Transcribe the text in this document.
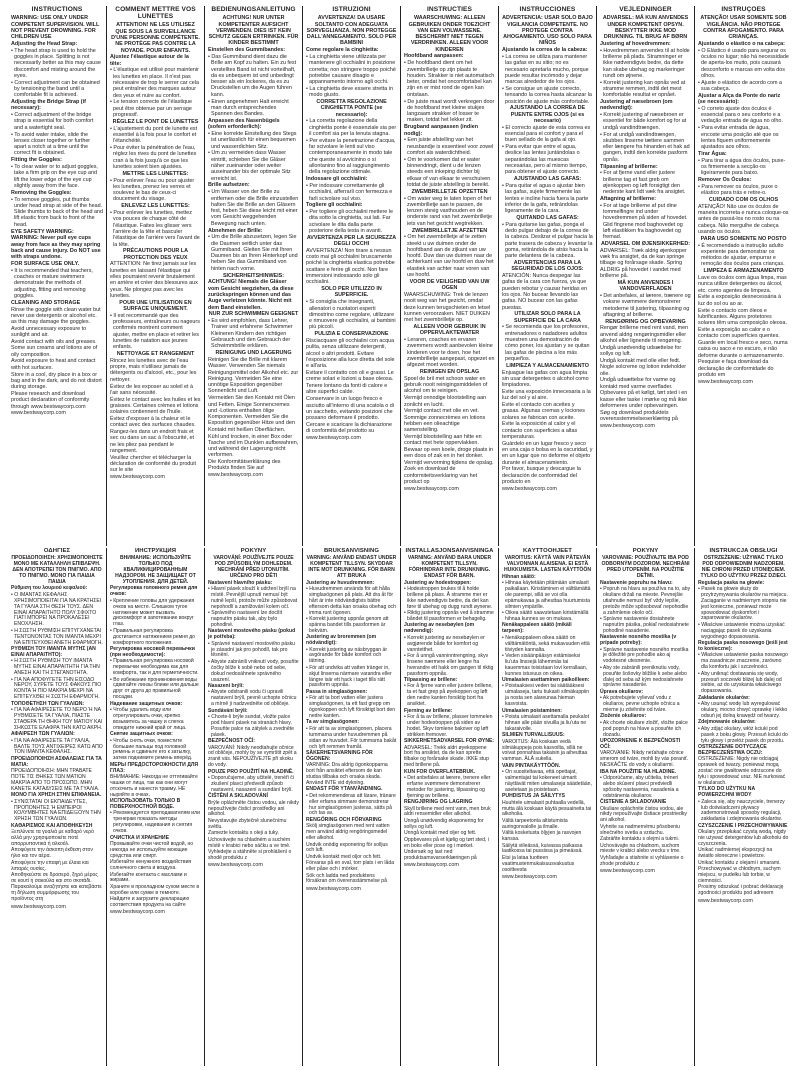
INSTRUCTIONS
WARNING: USE ONLY UNDER COMPETENT SUPERVISION. WILL NOT PREVENT DROWNING. FOR CHILDREN USE
Adjusting the Head Strap:
• The head strap is used to hold the goggles in place. Splitting is not necessarily better as this may cause discomfort and misting around the eyes.
• Correct adjustment can be obtained by tensioning the band until a comfortable fit is achieved.
Adjusting the Bridge Strap (if necessary):
• Correct adjustment of the bridge strap is essential for both comfort and a watertight seal.
• To avoid water intake, slide the lenses closer together or further apart a notch at a time until the correct fit is obtained.
Fitting the Goggles:
• To clear water or to adjust goggles, take a firm grip on the eye cup and lift the lower edge of the eye cup slightly away from the face.
Removing the Goggles:
• To remove goggles, put thumbs under head strap at side of the head. Slide thumbs to back of the head and lift elastic from back to front of the head.
EYE SAFETY WARNING:
WARNING: Never pull eye cups away from face as they may spring back and cause injury. Do NOT use with straps undone.
FOR SURFACE USE ONLY.
• It is recommended that teachers, coaches or mature swimmers demonstrate the methods of adjusting, fitting and removing goggles.
CLEANING AND STORAGE
Rinse the goggle with clean water but never use detergents or alcohol etc. as this may damage the goggles.
Avoid unnecessary exposure to sunlight and air.
Avoid contact with oils and greases. Some sun creams and lotions are of oily composition.
Avoid exposure to heat and contact with hot surfaces.
Store in a cool, dry place in a box or bag and in the dark, and do not distort during storage.
Please research and download product declaration of conformity through www.bestwaycorp.com
www.bestwaycorp.com
COMMENT METTRE VOS LUNETTES
ATTENTION! NE LES UTILISEZ QUE SOUS LA SURVEILLANCE D'UNE PERSONNE COMPÉTENTE. NE PROTÈGE PAS CONTRE LA NOYADE. POUR ENFANTS.
Ajustez l'élastique autour de la tête:
• L'élastique est utilisé pour maintenir les lunettes en place. Il n'est pas nécessaire de trop le serrer car cela peut entraîner des marques autour des yeux et nuire au confort.
• Le tension correcte de l'élastique peut être obtenue par un serrage progressif.
RÉGLEZ LE PONT DE LUNETTES
• L'ajustement du pont de lunette est essentiel à la fois pour le confort et l'étanchéité.
• Pour éviter la pénétration de l'eau, réglez les rives du pont de lunettes cran à la fois jusqu'à ce que les lunettes soient bien ajustées.
METTRE LES LUNETTES:
• Pour enlever l'eau ou pour ajuster les lunettes, prenez les verres et soulevez le bas de ceux-ci doucement du visage.
ENLEVEZ LES LUNETTES:
• Pour enlever les lunettes, mettez vos pouces de chaque côté de l'élastique. Faites les glisser vers l'arrière de la tête et basculer l'élastique de l'arrière vers l'avant de la tête.
PRÉCAUTIONS POUR LA PROTECTION DES YEUX
ATTENTION: Ne tirez jamais sur les lunettes en laissant l'élastique qui elles pourraient revenir brutalement en arrière et créer des blessures aux yeux. Ne plongez pas avec les lunettes.
POUR UNE UTILISATION EN SURFACE UNIQUEMENT.
• Il est recommandé que des professeurs, entraîneurs ou nageurs confirmés montrent comment ajuster, mettre en place et retirer les lunettes de natation aux jeunes enfants.
NETTOYAGE ET RANGEMENT
Rincez les lunettes avec de l'eau propre, mais n'utilisez jamais de détergents ou d'alcool, etc., pour les nettoyer.
Évitez de les exposer au soleil et à l'air sans nécessité.
Évitez le contact avec les huiles et les graisses. Certaines crèmes et lotions solaires contiennent de l'huile.
Évitez d'exposer à la chaleur et le contact avec des surfaces chaudes.
Rangez-les dans un endroit frais et sec ou dans un sac à l'obscurité, et ne les pliez pas pendant le rangement.
Veuillez chercher et télécharger la déclaration de conformité du produit sur le site
www.bestwaycorp.com
BEDIENUNGSANLEITUNG
ACHTUNG! NUR UNTER KOMPETENTER AUFSICHT VERWENDEN. DIES IST KEIN SCHUTZ GEGEN ERTRINKEN. FÜR KINDER BESTIMMT
Einstellen des Gummibandes:
• Das Gummiband dient dazu die Brille am Kopf zu halten. Ein zu fest verstelltes Band ist nicht vorteilhaft, da es unbequem ist und unbedingt besser als ein lockeres, da es zu Druckstellen um die Augen führen kann.
• Einen angenehmen Halt erreicht man durch entsprechendes Spannen des Bandes.
Anpassen des Nasenbügels (sofern erforderlich):
• Eine korrekte Einstellung des Stegs ist unerlässlich für einen bequemen und wasserdichten Sitz.
• Um zu vermeiden dass Wasser eintritt, schieben Sie die Gläser näher zueinander oder weiter auseinander bis der optimale Sitz erreicht ist.
Brille aufsetzen:
• Um Wasser von der Brille zu entfernen oder die Brille einzustellen halten Sie die Brille an den Gläsern fest, heben Sie diese leicht mit einer vom Gesicht weggehenden Bewegung nach unten.
Abnehmen der Brille:
• Um die Brille abzusetzen, legen Sie die Daumen seitlich unter das Gummiband. Gleiten Sie mit Ihren Daumen bis an Ihren Hinterkopf und heben Sie das Gummiband von hinten nach vorne.
SICHERHEITSHINWEIS:
ACHTUNG! Niemals die Gläser vom Gesicht wegziehen, da diese zurückspringen können und das Auge verletzen könnte. Nicht mit dem Band einstellen.
NUR ZUR SCHWIMMEN GEEIGNET
• Es wird empfohlen, dass Lehrer, Trainer und erfahrene Schwimmer Kleineren Kindern den richtigen Gebrauch und den Gebrauch der Schwimmbrille erklären.
REINIGUNG UND LAGERUNG
Reinigen Sie die Brille mit klarem Wasser. Verwenden Sie niemals Reinigungsmittel oder Alkohol etc. zur Reinigung. Vermeiden Sie eine unnötige Exposition gegenüber Sonnenlicht und Luft.
Vermeiden Sie den Kontakt mit Ölen und Fetten. Einige Sonnencremes und -Lotions enthalten ölige Komponenten. Vermeiden Sie die Exposition gegenüber Hitze und den Kontakt mit heißen Oberflächen.
Kühl und trocken, in einer Box oder Tasche und im Dunklen aufbewahren, und während der Lagerung nicht verformen.
Die Konformitätserklärung des Produkts finden Sie auf
www.bestwaycorp.com
ISTRUZIONI
AVVERTENZA! DA USARE SOLTANTO CON ADEGUATA SORVEGLIANZA. NON PROTEGGE DALL'ANNEGAMENTO. SOLO PER BAMBINI
Come regolare la cinghietta:
• La cinghietta viene utilizzata per mantenere gli occhialini in posizione corretta; non stringere troppo poiché potrebbe causare disagio e appannamento intorno agli occhi.
• La cinghietta deve essere stretta in modo giusto.
CORRETTA REGOLAZIONE CINGHIETTA PONTE (se necessario):
• La corretta regolazione della cinghietta ponte è essenziale sia per il comfort sia per la tenuta stagna.
• Per evitare la penetrazione d'acqua, far scivolare le lenti sul viso contemporaneamente in modo tale che queste si avvicinino o si allontanino fino al raggiungimento della regolazione ottimale.
Indossare gli occhialini:
• Per indossare correttamente gli occhialini, afferrarli con fermezza e farli scivolare sul viso.
Togliere gli occhialini:
• Per togliere gli occhialini mettere le dita sotto la cinghietta, sui lati. Far scivolare le dita dalla parte posteriore della testa in avanti.
AVVERTENZA PER LA SICUREZZA DEGLI OCCHI
AVVERTENZA! Non tirare a nessun costo mai gli occhialini bruscamente poiché la cinghietta elastica potrebbe scattare e ferire gli occhi. Non fare immersioni indossando solo gli occhialini.
SOLO PER UTILIZZO IN SUPERFICIE.
• Si consiglia che insegnanti, allenatori o nuotatori esperti dimostrino come regolare, utilizzare e rimuovere gli occhialini, ai bambini più piccoli.
PULIZIA E CONSERVAZIONE
Risciacquare gli occhialini con acqua pulita, senza utilizzare detergenti, alcool o altri prodotti. Evitare l'esposizione alla luce diretta del sole e all'aria.
Evitare il contatto con oli e grassi. Le creme solari e lozioni a base oleosa.
Tenere lontano da fonti di calore e altre superfici calde.
Conservare in un luogo fresco e asciutto all'interno di una scatola o di un sacchetto, evitando posizioni che possano deformare il prodotto.
Cercare e scaricare la dichiarazione di conformità del prodotto su
www.bestwaycorp.com
INSTRUCTIES
WAARSCHUWING: ALLEEN GEBRUIKEN ONDER TOEZICHT VAN EEN VOLWASSENE. BESCHERMT NIET TEGEN VERDRINKEN. ALLEEN VOOR KINDEREN
Hoofdband aanpassen:
• De hoofdband dient om het zwembrilletje op zijn plaats te houden. Strakker is niet automatisch beter, omdat het oncomfortabel kan zijn en er mist rond de ogen kan ontstaan.
• De juiste maat wordt verkregen door de hoofdband met kleine stukjes langzaam strakker of losser te maken, totdat het lekker zit.
Brugband aanpassen (indien nodig):
• Een juiste afstelling van het neusbandje is essentieel voor zowel comfort als waterdichtheid.
• Om te voorkomen dat er water binnendringt, dient u de lenzen steeds een inkeping dichter bij elkaar of van elkaar te verschuiven totdat de juiste afstelling is bereikt.
ZWEMBRILLETJE OPZETTEN
• Om water weg te laten lopen of het zwembrilletje aan te passen, de lenzen stevig vasthouden en de onderste rand van het zwembrilletje iets van het gezicht wegtrekken.
ZWEMBRILLETJE AFZETTEN
• Om het zwembrilletje af te zetten steekt u uw duimen onder de hoofdband aan de zijkant van uw hoofd. Duw dan uw duimen naar de achterkant van uw hoofd en duw het elastiek van achter naar voren van uw hoofd.
VOOR DE VEILIGHEID VAN UW OGEN
WAARSCHUWING: Trek de lenzen nooit weg van het gezicht, omdat deze kunnen terugschieten en letsel kunnen veroorzaken. NIET DUIKEN met het zwembrilletje op.
ALLEEN VOOR GEBRUIK IN OPPERVLAKTEWATER
• Leraren, coaches en ervaren zwemmers wordt aanbevolen kleine kinderen voor te doen, hoe het zwembrilletje aangepast, opgezet en afgezet moet worden.
REINIGEN EN OPSLAG
Spoel de bril met schoon water en gebruik nooit reinigingsmiddelen of alcohol om te reinigen.
Vermijd onnodige blootstelling aan zonlicht en lucht.
Vermijd contact met olie en vet. Sommige zonnecrèmes en lotions hebben een olieachtige samenstelling.
Vermijd blootstelling aan hitte en contact met hete oppervlakken.
Bewaar op een koele, droge plaats in een doos of zak en in het donker. Vermijd vervorming tijdens de opslag.
Zoek en download de conformiteitsverklaring van het product op
www.bestwaycorp.com
INSTRUCCIONES
ADVERTENCIA: USAR SOLO BAJO VIGILANCIA COMPETENTE. NO PROTEGE CONTRA AHOGAMIENTO. USO SOLO PARA NIÑOS
Ajustando la correa de la cabeza:
• La correa se utiliza para mantener las gafas en su sitio; no es necesario apretarla mucho, porque puede resultar incómodo y dejar marcas alrededor de los ojos.
• Se consigue un ajuste correcto, tensando la correa hasta alcanzar la posición de ajuste más confortable.
AJUSTANDO LA CORREA DE PUENTE ENTRE OJOS (si es necesario)
• El correcto ajuste de esta correa es esencial para el confort y para el buen sellado de la gafa al ojo.
• Para evitar que entre el agua, deslice las lentes juntándolas o separándolas las muescas necesarias, pero al mismo tiempo, para obtener el ajuste correcto.
AJUSTANDO LAS GAFAS:
• Para quitar el agua o ajustar bien las gafas, sujete firmemente las lentes e incline hacia fuera la parte inferior de la gafa, retirándolas ligeramente de la cara.
QUITANDO LAS GAFAS:
• Para quitarse las gafas, ponga el dedo pulgar debajo de la correa de la cabeza. Deslizar el pulgar hacia la parte trasera de cabeza y levantar la goma, retirándola de atrás hacia la parte delantera de la cabeza.
ADVERTENCIAS PARA LA SEGURIDAD DE LOS OJOS:
ATENCIÓN: Nunca despegar las gafas de la cara con fuerza, ya que pueden rebotar y causar heridas en los ojos. No bucear llevando las gafas. NO bucear con las gafas puestas.
UTILIZAR SOLO PARA LA SUPERFICIE DE LA CARA
• Se recomienda que los profesores, entrenadores o nadadores adultos muestren una demostración de cómo poner, los ajustan y se quitan las gafas de piscina a los más pequeños.
LIMPIEZA Y ALMACENAMIENTO
Enjuague las gafas con agua limpia sin usar detergentes o alcohol como limpiadores.
Evite una exposición innecesaria a la luz del sol y al aire.
Evite el contacto con aceites y grasas. Algunas cremas y lociones solares se fabrican con aceite.
Evite la exposición al calor y el contacto con superficies a altas temperaturas.
Guárdelo en un lugar fresco y seco en una caja o bolsa en la oscuridad, y en un lugar que no deforme el objeto durante el almacenamiento.
Por favor, busque y descargue la declaración de conformidad del producto en
www.bestwaycorp.com
VEJLEDNINGER
ADVARSEL: MÅ KUN ANVENDES UNDER KOMPETENT OPSYN. BESKYTTER IKKE MOD DRUKNING. TIL BRUG AF BØRN
Justering af hovedremmen:
• Hovedremmen anvendes til at holde brillerne på plads. Stramninger er ikke nødvendigvis bedre, da dette kan skabe ubehag og markeringer rundt om øjnene.
• Korrekt justering kan opnås ved at stramme remmen, indtil det mest komfortable resultat er opnået.
Justering af næsebroen (om nødvendigt):
• Korrekt justering af næsebroen er essentiel for både komfort og for at undgå vandindtrængen.
• For at undgå vandindtrængen, skubbes linserne tættere sammen eller længere fra hinanden et hak ad gangen, indtil den korrekte pasform opnås.
Tilpasning af brillerne:
• For at fjerne vand eller justere brillerne tag et fast greb om øjenkoppen og løft forsigtigt den nederste kant lidt væk fra ansigtet.
Aftagning af brillerne:
• For at tage brillerne af put dine tommelfingre ind under hovedremmen på siden af hovedet. Glid fingrene mod baghovedet og løft elastikken fra baghovedet og fremad.
ADVARSEL OM ØJENSIKKERHED:
ADVARSEL: Træk aldrig øjenkopper væk fra ansigtet, da de kan springe tilbage og forårsage skade. Spring ALDRIG på hovedet i vandet med brillerne på.
MÅ KUN ANVENDES I VANDOVERFLADEN
• Det anbefales, at lærere, trænere og voksne svømmere demonstrerer metoderne til justering, tilpasning og aftagning af brillerne.
RENGØRING OG OPBEVARING
Rengør brillerne med rent vand, men anvend aldrig rengøringsmidler eller alkohol eller lignende til rengøring.
Undgå unødvendig udsættelse for sollys og luft.
Undgå kontakt med olie eller fedt. Nogle solcreme og lotion indeholder olie.
Undgå udsættelse for varme og kontakt med varme overflader.
Opbevares på et køligt, tørt sted i en kasse eller taske i mørke og må ikke deformeres under opbevaringen.
Søg og download produktets overensstemmelseserklæring på
www.bestwaycorp.com
INSTRUÇÕES
ATENÇÃO! USAR SOMENTE SOB VIGILÂNCIA. NÃO PROTEGE CONTRA AFOGAMENTO. PARA CRIANÇAS.
Ajustando o elástico o na cabeça:
• O Elástico é usado para segurar os óculos no lugar; não há necessidade de aperta-los muito, pois causará desconforto e marcas em volta dos olhos.
• Ajuste o elástico de acordo com a sua cabeça.
Ajustar a Alça da Ponte do nariz (se necessário):
• O correto ajuste dos óculos é essencial para o seu conforto e a vedação entrada de água no olho.
• Para evitar entrada de água, encoste uma posição até que os lentes fiquem uniformemente ajustados aos olhos.
Tirar Água:
• Para tirar a água dos óculos, puxe-os firmemente a secção-os ligeiramente para baixo.
Remover Os Óculos:
• Para remover os óculos, puxe o elástico para trás e retire-o.
CUIDADO COM OS OLHOS
ATENÇÃO! Não use os óculos de maneira incorreta e nunca coloque-os antes de passá-los no rosto ou na cabeça. Não mergulhe de cabeça usando os óculos.
PARA USO SOMENTE NO POSTO
• É recomendado a instrução adulto experiente para demonstrar os métodos de ajustar, empurrar e remoção dos óculos para crianças.
LIMPEZA E ARMAZENAMENTO
Lave os óculos com água limpa, mas nunca utilize detergentes ou álcool, etc. como agentes de limpeza.
Evite a exposição desnecessária à luz do sol ou ao ar.
Evite o contacto com óleos e lubrificantes. Alguns protetores solares têm uma composição oleosa.
Evite a exposição ao calor e o contacto com superfícies quentes.
Guarde em local fresco e seco, numa caixa ou saco e no escuro, e não deforme durante o armazenamento.
Pesquise e faça download da declaração de conformidade do produto em
www.bestwaycorp.com
ΟΔΗΓΙΕΣ
ΠΡΟΕΙΔΟΠΟΙΗΣΗ: ΧΡΗΣΙΜΟΠΟΙΗΣΤΕ ΜΟΝΟ ΜΕ ΚΑΤΑΛΛΗΛΗ ΕΠΙΒΛΕΨΗ. ΔΕΝ ΑΠΟΤΡΕΠΕΙ ΤΟΝ ΠΝΙΓΜΟ. ΑΠΟ ΤΟ ΠΝΙΓΜΟ. ΜΟΝΟ ΓΙΑ ΠΑΙΔΙΑ ΠΑΙΔΙΑ
Ρύθμιση του λουριού κεφαλιού:
• Ο ΙΜΑΝΤΑΣ ΚΕΦΑΛΗΣ ΧΡΗΣΙΜΟΠΟΙΕΙΤΑΙ ΓΙΑ ΝΑ ΚΡΑΤΗΣΕΙ ΤΑ ΓΥΑΛΙΑ ΣΤΗ ΘΕΣΗ ΤΟΥΣ. ΔΕΝ ΕΙΝΑΙ ΑΠΑΡΑΙΤΗΤΟ ΠΟΛΥ ΣΦΙΧΤΟ ΓΙΑΤΙ ΜΠΟΡΕΙ ΝΑ ΠΡΟΚΑΛΕΣΕΙ ΕΝΟΧΛΗΣΗ.
• Η ΣΩΣΤΗ ΡΥΘΜΙΣΗ ΕΠΙΤΥΓΧΑΝΕΤΑΙ ΤΕΝΤΩΝΟΝΤΑΣ ΤΟΝ ΙΜΑΝΤΑ ΜΕΧΡΙ ΝΑ ΕΠΙΤΕΥΧΘΕΙ ΑΝΕΤΗ ΕΦΑΡΜΟΓΗ.
ΡΥΘΜΙΣΗ ΤΟΥ ΙΜΑΝΤΑ ΜΥΤΗΣ (ΑΝ ΕΙΝΑΙ ΑΠΑΡΑΙΤΗΤΟ):
• Η ΣΩΣΤΗ ΡΥΘΜΙΣΗ ΤΟΥ ΙΜΑΝΤΑ ΜΥΤΗΣ ΕΙΝΑΙ ΑΠΑΡΑΙΤΗΤΗ ΓΙΑ ΤΗΝ ΑΝΕΣΗ ΚΑΙ ΤΗ ΣΤΕΓΑΝΟΤΗΤΑ.
• ΓΙΑ ΝΑ ΑΠΟΦΥΓΕΤΕ ΤΗΝ ΕΙΣΟΔΟ ΝΕΡΟΥ, ΣΥΡΕΤΕ ΤΟΥΣ ΦΑΚΟΥΣ ΠΙΟ ΚΟΝΤΑ Ή ΠΙΟ ΜΑΚΡΙΑ ΜΕΧΡΙ ΝΑ ΕΠΙΤΕΥΧΘΕΙ Η ΣΩΣΤΗ ΕΦΑΡΜΟΓΗ.
ΤΟΠΟΘΕΤΗΣΗ ΤΩΝ ΓΥΑΛΙΩΝ:
• ΓΙΑ ΝΑ ΑΦΑΙΡΕΣΕΤΕ ΤΟ ΝΕΡΟ Ή ΝΑ ΡΥΘΜΙΣΕΤΕ ΤΑ ΓΥΑΛΙΑ, ΠΙΑΣΤΕ ΣΤΑΘΕΡΑ ΤΗ ΘΗΚΗ ΤΟΥ ΜΑΤΙΟΥ ΚΑΙ ΣΗΚΩΣΤΕ ΕΛΑΦΡΑ ΤΗΝ ΚΑΤΩ ΑΚΡΗ.
ΑΦΑΙΡΕΣΗ ΤΩΝ ΓΥΑΛΙΩΝ:
• ΓΙΑ ΝΑ ΑΦΑΙΡΕΣΕΤΕ ΤΑ ΓΥΑΛΙΑ, ΒΑΛΤΕ ΤΟΥΣ ΑΝΤΙΧΕΙΡΕΣ ΚΑΤΩ ΑΠΟ ΤΟΝ ΙΜΑΝΤΑ ΚΕΦΑΛΗΣ.
ΠΡΟΕΙΔΟΠΟΙΗΣΗ ΑΣΦΑΛΕΙΑΣ ΓΙΑ ΤΑ ΜΑΤΙΑ:
ΠΡΟΕΙΔΟΠΟΙΗΣΗ: ΜΗΝ ΤΡΑΒΑΤΕ ΠΟΤΕ ΤΙΣ ΘΗΚΕΣ ΤΩΝ ΜΑΤΙΩΝ ΜΑΚΡΙΑ ΑΠΟ ΤΟ ΠΡΟΣΩΠΟ. ΜΗΝ ΚΑΝΕΤΕ ΚΑΤΑΔΥΣΕΙΣ ΜΕ ΤΑ ΓΥΑΛΙΑ.
ΜΟΝΟ ΓΙΑ ΧΡΗΣΗ ΣΤΗΝ ΕΠΙΦΑΝΕΙΑ.
• ΣΥΝΙΣΤΑΤΑΙ ΟΙ ΕΚΠΑΙΔΕΥΤΕΣ, ΠΡΟΠΟΝΗΤΕΣ Ή ΕΜΠΕΙΡΟΙ ΚΟΛΥΜΒΗΤΕΣ ΝΑ ΕΠΙΔΕΙΞΟΥΝ ΤΗΝ ΧΡΗΣΗ ΤΩΝ ΓΥΑΛΙΩΝ.
ΚΑΘΑΡΙΣΜΟΣ ΚΑΙ ΑΠΟΘΗΚΕΥΣΗ
Ξεπλύνετε τα γυαλιά με καθαρό νερό αλλά μην χρησιμοποιείτε ποτέ απορρυπαντικά ή αλκοόλ.
Αποφύγετε την άσκοπη έκθεση στον ήλιο και τον αέρα.
Αποφύγετε την επαφή με έλαια και λιπαρές ουσίες.
Αποθηκεύστε σε δροσερό, ξηρό μέρος σε κουτί ή σακούλα και στο σκοτάδι.
Παρακαλούμε αναζητήστε και κατεβάστε τη δήλωση συμμόρφωσης του προϊόντος στη
www.bestwaycorp.com
ИНСТРУКЦИЯ
ВНИМАНИЕ: ИСПОЛЬЗУЙТЕ ТОЛЬКО ПОД КВАЛИФИЦИРОВАННЫМ НАДЗОРОМ. НЕ ЗАЩИЩАЕТ ОТ УТОПЛЕНИЯ. ДЛЯ ДЕТЕЙ.
Регулировка головного ремня для очков:
• Крепление головы для удержания очков на месте. Слишком тугое натяжение может вызвать дискомфорт и запотевание вокруг глаз.
• Правильная регулировка достигается натяжением ремня до комфортного положения.
Регулировка носовой перемычки (при необходимости):
• Правильная регулировка носовой перемычки необходима как для комфорта, так и для герметичности.
• Во избежание проникновения воды сдвигайте линзы ближе или дальше друг от друга до правильной посадки.
Надевание защитных очков:
• Чтобы удалить воду или отрегулировать очки, крепко возьмитесь за чашку и слегка отведите нижний край от лица.
Снятие защитных очков:
• Чтобы снять очки, поместите большие пальцы под головной ремень и сдвиньте его к затылку, затем поднимите ремень вперёд.
МЕРЫ ПРЕДОСТОРОЖНОСТИ ДЛЯ ГЛАЗ:
ВНИМАНИЕ: Никогда не оттягивайте чашки от лица, так как они могут отскочить и нанести травму. НЕ ныряйте в очках.
ИСПОЛЬЗОВАТЬ ТОЛЬКО В ПОВЕРХНОСТНОЙ ВОДЕ.
• Рекомендуется преподавателям или тренерам показать методы регулировки, надевания и снятия очков.
ОЧИСТКА И ХРАНЕНИЕ
Промывайте очки чистой водой, но никогда не используйте моющие средства или спирт.
Избегайте ненужного воздействия солнечного света и воздуха.
Избегайте контакта с маслами и жирами.
Храните в прохладном сухом месте в коробке или сумке в темноте.
Найдите и загрузите декларацию соответствия продукта на сайте
www.bestwaycorp.com
POKYNY
VAROVÁNÍ: POUŽÍVEJTE POUZE POD ZPŮSOBILÝM DOHLEDEM. NECHRÁNÍ PŘED UTONUTÍM. URČENO PRO DĚTI
Nastavení hlavního pásku:
• Hlavní pásek slouží k udržení brýlí na místě. Pevnější upnutí nemusí být nutně lepší, protože může způsobovat nepohodlí a zamlžování kolem očí.
• Správného nastavení lze docílit napnutím pásku tak, aby bylo pohodlné.
Nastavení mostového pásku (pokud je potřeba):
• Správné nastavení mostového pásku je zásadní jak pro pohodlí, tak pro těsnění.
• Abyste zabránili vniknutí vody, posuňte čočky blíže k sobě nebo od sebe, dokud nedosáhnete správného usazení.
Nasazení brýlí:
• Abyste odstranili vodu či upravili nastavení brýlí, pevně uchopte očnicu a mírně ji nadzvedněte od obličeje.
Sundávání brýlí:
• Chcete-li brýle sundat, vložte palce pod hlavní pásek na stranách hlavy. Posuňte palce na zátylek a zvedněte pásek.
BEZPEČNOST OČÍ:
VAROVÁNÍ: Nikdy neodtahujte očnice od obličeje, mohly by se vymrštit zpět a zranit vás. NEPOUŽÍVEJTE při skoku do vody.
POUZE PRO POUŽITÍ NA HLADINĚ.
• Doporučujeme, aby učitelé, trenéři či zkušení plavci předvedli způsob nastavení, nasazení a sundání brýlí.
ČIŠTĚNÍ A SKLADOVÁNÍ
Brýle opláchněte čistou vodou, ale nikdy nepoužívejte čisticí prostředky ani alkohol.
Nevystavujte zbytečně slunečnímu světlu.
Zamezte kontaktu s oleji a tuky.
Uchovávejte na chladném a suchém místě v krabici nebo sáčku a ve tmě.
Vyhledejte a stáhněte si prohlášení o shodě produktu z
www.bestwaycorp.com
BRUKSANVISNING
VARNING: ANVÄND ENDAST UNDER KOMPETENT TILLSYN. SKYDDAR INTE MOT DRUNKNING. FÖR BARN ATT BRUKA
Justering av huvudremmen:
• Huvudremmen används för att hålla simglasögonen på plats. Att dra åt för hårt är inte nödvändigtvis bättre eftersom detta kan orsaka obehag och imma runt ögonen.
• Korrekt justering uppnås genom att spänna bandet tills passformen är bekväm.
Justering av broremmen (om nödvändigt):
• Korrekt justering av näsbryggan är avgörande för både komfort och tätning.
• För att undvika att vatten tränger in, skjut linserna närmare varandra eller längre isär ett hack i taget tills rätt passform uppnås.
Passa in simglasögonen:
• För att ta bort vatten eller justera simglasögonen, ta ett fast grepp om ögonkoppen och lyft försiktigt bort den nedre kanten.
Ta av simglasögonen:
• För att ta av simglasögonen, placera tummarna under huvudremmen på sidan av huvudet. För tummarna bakåt och lyft remmen framåt.
SÄKERHETSVARNING FÖR ÖGONEN:
VARNING: Dra aldrig ögonkopparna bort från ansiktet eftersom de kan studsa tillbaka och orsaka skada. Använd INTE vid dykning.
ENDAST FÖR YTANVÄNDNING.
• Det rekommenderas att lärare, tränare eller erfarna simmare demonstrerar hur simglasögonen justeras, sätts på och tas av.
RENGÖRING OCH FÖRVARING
Skölj simglasögonen med rent vatten men använd aldrig rengöringsmedel eller alkohol.
Undvik onödig exponering för solljus och luft.
Undvik kontakt med oljor och fett.
Förvaras på en sval, torr plats i en låda eller påse och i mörker.
Sök och ladda ned produktens försäkran om överensstämmelse på
www.bestwaycorp.com
INSTALLASJONSANVISNINGA
VARNING: ANVÄND BARA UNDER KOMPETENT TILLSYN. FÖRHINDRAR INTE DRUNKNING. ENDAST FÖR BARN.
Justering av hodestroppen:
• Hodestroppen brukes til å holde brillene på plass. Å stramme mer er ikke nødvendigvis bedre, da det kan føre til ubehag og dugg rundt øynene.
• Riktig justering oppnås ved å stramme båndet til passformen er behagelig.
Justering av nesebøylen (om nødvendig):
• Korrekt justering av nesebøylen er avgjørende både for komfort og vanntetthet.
• For å unngå vanninntrengning, skyv linsene nærmere eller lengre fra hverandre ett hakk om gangen til riktig passform oppnås.
Tilpassing av brillene:
• For å fjerne vann eller justere brillene, ta et fast grep på øyekoppen og løft den nedre kanten forsiktig bort fra ansiktet.
Fjerning av brillene:
• For å ta av brillene, plasser tommelen under hodestroppen på siden av hodet. Skyv tomlene bakover og løft strikken fremover.
SIKKERHETSADVARSEL FOR ØYNE:
ADVARSEL: Trekk aldri øyekoppene bort fra ansiktet, da de kan sprette tilbake og forårsake skade. IKKE stup med brillene på.
KUN FOR OVERFLATEBRUK.
• Det anbefales at lærere, trenere eller erfarne svømmere demonstrerer metoder for justering, tilpassing og fjerning av brillene.
RENGJØRING OG LAGRING
Skyll brillene med rent vann, men bruk aldri rensemidler eller alkohol.
Unngå unødvendig eksponering for sollys og luft.
Unngå kontakt med oljer og fett.
Oppbevares på et kjølig og tørt sted, i en boks eller pose og i mørket.
Undersøk og last ned produktsamsvarserklæringen på
www.bestwaycorp.com
KÄYTTÖOHJEET
VAROITUS: KÄYTÄ VAIN PÄTEVÄN VALVONNAN ALAISENA. EI ESTÄ HUKKUMISTA. LASTEN KÄYTTÖÖN
Hihnan säätö:
• Hihnaa käytetään pitämään uimalasit paikallaan. Kiristäminen ei välttämättä ole parempi, sillä se voi olla epämukavaa ja aiheuttaa huurtumista silmien ympärille.
• Oikea säätö saavutetaan kiristämällä hihnaa kunnes se on mukava.
Nenäkappaleen säätö (mikäli tarpeen):
• Nenäkappaleen oikea säätö on välttämätöntä, sekä mukavuuden että tiiviyden kannalta.
• Veden sisäänpääsyn estämiseksi liu'uta linssejä lähemmäs tai kauemmas toisistaan lovi kerrallaan, kunnes istuvuus on oikea.
Uimalasien asettaminen paikoilleen:
• Poistaaksesi veden tai säätääksesi uimalaseja, tartu tiukasti silmäkuppiin ja nosta sen alareunaa hieman kasvoista.
Uimalasien poistaminen:
• Poista uimalasit asettamalla peukalot hihnan alle pään sivuilla ja liu'uta ne takaraivolle.
SILMIEN TURVALLISUUS:
VAROITUS: Älä koskaan vedä silmäkuppeja pois kasvoilta, sillä ne voivat ponnahtaa takaisin ja aiheuttaa vamman. ÄLÄ sukella.
VAIN PINTAKÄYTTÖÖN.
• On suositeltavaa, että opettajat, valmentajat tai kokeneet uimarit näyttävät miten uimalaseja säädetään, asetetaan ja poistetaan.
PUHDISTUS JA SÄILYTYS
Huuhtele uimalasit puhtaalla vedellä, mutta älä koskaan käytä pesuaineita tai alkoholia.
Vältä tarpeetonta altistumista auringonvalolle ja ilmalle.
Vältä kosketusta öljyjen ja rasvojen kanssa.
Säilytä viileässä, kuivassa paikassa laatikossa tai pussissa ja pimeässä.
Etsi ja lataa tuotteen vaatimustenmukaisuusvakuutus osoitteesta
www.bestwaycorp.com
POKYNY
VAROVANIE: POUŽÍVAJTE IBA POD ODBORNÝM DOZOROM. NECHRÁNI PRED UTOPENÍM. NA POUŽITIE DEŤMI.
Nastavenie popruhu na hlavu:
• Popruh na hlavu sa používa na to, aby okuliare držali na mieste. Pevnejšie utiahnutie nemusí byť vždy lepšie, pretože môže spôsobovať nepohodlie a zahmlenie okolo očí.
• Správne nastavenie dosiahnete napnutím pásika, pokiaľ nedosiahnete pohodlné nasadenie.
Nastavenie nosného mostíka (v prípade potreby):
• Správne nastavenie nosného mostíka je dôležité pre pohodlie ako aj vodotesné utesnenie.
• Aby ste zabránili preniknutiu vody, posuňte šošovky bližšie k sebe alebo ďalej od seba až kým nedosiahnete správne nasadenie.
Úprava okuliarov:
• Ak potrebujete vylievať vodu z okuliarov, pevne uchopte očnicu a mierne ju zdvihnite od tváre.
Zloženie okuliarov:
• Ak chcete okuliare zložiť, vložte palce pod popruh na hlave a posuňte ich dozadu.
UPOZORNENIE K BEZPEČNOSTI OČÍ:
VAROVANIE: Nikdy neťahajte očnice smerom od tváre, mohli by vás poraniť. NESKÁČTE do vody s okuliarmi.
IBA NA POUŽITIE NA HLADINE.
• Odporúčame, aby učitelia, tréneri alebo skúsení plavci predviedli spôsoby nastavenia, nasadenia a odstránenia okuliarov.
ČISTENIE A SKLADOVANIE
Okuliare opláchnite čistou vodou, ale nikdy nepoužívajte čistiace prostriedky ani alkohol.
Vyhnite sa nadmernému pôsobeniu slnečného svetla a vzduchu.
Zabráňte kontaktu s olejmi a tukmi.
Uchovávajte na chladnom, suchom mieste v krabici alebo vrecku v tme.
Vyhľadajte a stiahnite si vyhlásenie o zhode produktu z
www.bestwaycorp.com
INSTRUKCJA OBSŁUGI
OSTRZEŻENIE: UŻYWAĆ TYLKO POD ODPOWIEDNIM NADZOREM. NIE CHRONI PRZED UTONIĘCIEM. TYLKO DO UŻYTKU PRZEZ DZIECI.
Regulacja paska na głowie:
• Pasek na głowie służy do przytrzymywania okularów na miejscu. Zaciąganie w nadmiernym stopniu nie jest konieczne, ponieważ może spowodować dyskomfort i zaparowanie okularów.
• Właściwe ustawienie można uzyskać naciągając pasek do uzyskania wygodnego dopasowania.
Regulacja paska nosowego (jeśli jest to konieczne):
• Właściwe ustawienie paska nosowego ma zasadnicze znaczenie, zarówno dla komfortu jak i szczelności.
• Aby uniknąć dostawania się wody, przesuń soczewki bliżej lub dalej od siebie, aż do uzyskania właściwego dopasowania.
Zakładanie okularów:
• Aby usunąć wodę lub wyregulować okulary, mocno chwyć oprawkę i lekko odsuń jej dolną krawędź od twarzy.
Zdejmowanie okularów:
• Aby zdjąć okulary, włóż kciuki pod pasek z boku głowy. Przesuń kciuki do tyłu głowy i przełóż pasek do przodu.
OSTRZEŻENIE DOTYCZĄCE BEZPIECZEŃSTWA OCZU:
OSTRZEŻENIE: Nigdy nie odciągaj oprawek od twarzy, ponieważ mogą zostać one gwałtownie odrzucone do tyłu i spowodować uraz. NIE nurkować w okularach.
TYLKO DO UŻYTKU NA POWIERZCHNI WODY
• Zaleca się, aby nauczyciele, trenerzy lub doświadczeni pływacy zademonstrowali sposoby regulacji, zakładania i zdejmowania okularów.
CZYSZCZENIE I PRZECHOWYWANIE
Okulary przepłukać czystą wodą, nigdy nie używać detergentów lub alkoholu do czyszczenia.
Unikać nadmiernej ekspozycji na światło słoneczne i powietrze.
Unikać kontaktu z olejami i smarami.
Przechowywać w chłodnym, suchym miejscu, w pudełku lub torbie, w ciemności.
Prosimy odszukać i pobrać deklarację zgodności produktu pod adresem
www.bestwaycorp.com
